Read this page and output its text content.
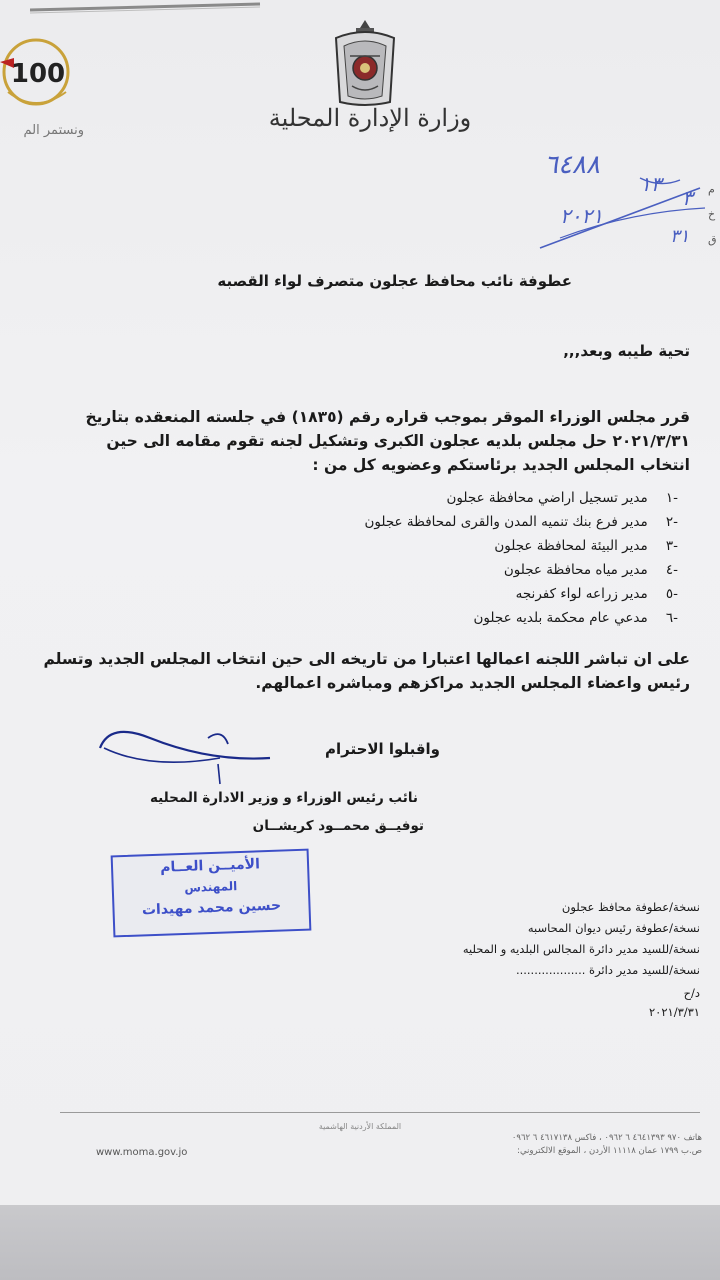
100
ونستمر الم	وزارة الإدارة المحلية
٦٤٨٨
١٣
٣
٢٠٢١
٣١
م
خ
ق
عطوفة نائب محافظ عجلون متصرف لواء القصبه
تحية طيبه وبعد,,,
قرر مجلس الوزراء الموقر بموجب قراره رقم (١٨٣٥) في جلسته المنعقده بتاريخ
٢٠٢١/٣/٣١ حل مجلس بلديه عجلون الكبرى وتشكيل لجنه تقوم مقامه الى حين
انتخاب المجلس الجديد برئاستكم وعضويه كل من :
-١ مدير تسجيل اراضي محافظة عجلون
-٢ مدير فرع بنك تنميه المدن والقرى لمحافظة عجلون
-٣ مدير البيئة لمحافظة عجلون
-٤ مدير مياه محافظة عجلون
-٥ مدير زراعه لواء كفرنجه
-٦ مدعي عام محكمة بلديه عجلون
على ان تباشر اللجنه اعمالها اعتبارا من تاريخه الى حين انتخاب المجلس الجديد وتسلم
رئيس واعضاء المجلس الجديد مراكزهم ومباشره اعمالهم.
واقبلوا الاحترام
نائب رئيس الوزراء و وزير الادارة المحليه
توفيــق محمــود كريشــان
الأميــن العــام
المهندس
حسين محمد مهيدات	نسخة/عطوفة محافظ عجلون
نسخة/عطوفة رئيس ديوان المحاسبه
نسخة/للسيد مدير دائرة المجالس البلديه و المحليه
نسخة/للسيد مدير دائرة ...................
د/ح
٢٠٢١/٣/٣١
المملكة الأردنية الهاشمية
هاتف ٩٧٠ ٤٦٤١٣٩٣ ٦ ٠٩٦٢ ، فاكس ٤٦١٧١٣٨ ٦ ٠٩٦٢
ص.ب ١٧٩٩ عمان ١١١١٨ الأردن ، الموقع الالكتروني:
www.moma.gov.jo
